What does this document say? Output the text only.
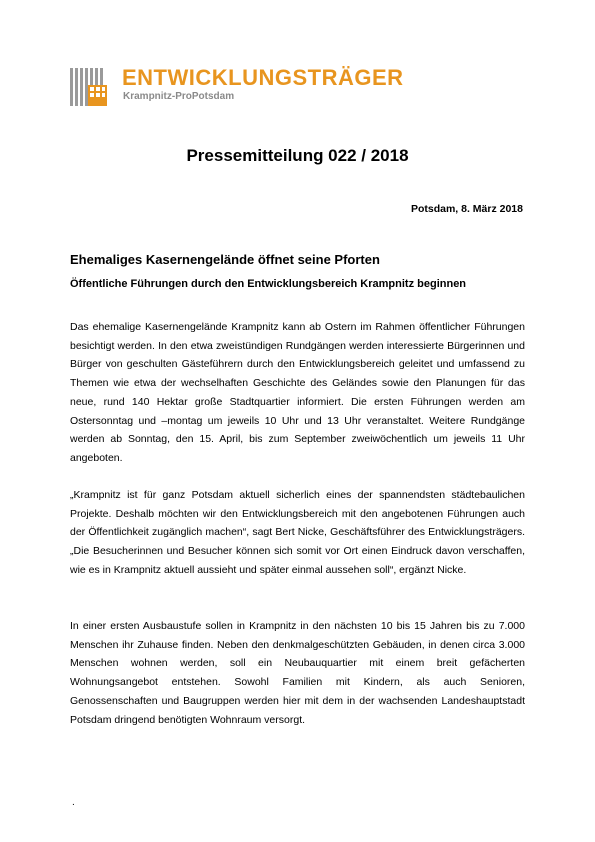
ENTWICKLUNGSTRÄGER
Krampnitz-ProPotsdam
Pressemitteilung 022 / 2018
Potsdam, 8. März 2018
Ehemaliges Kasernengelände öffnet seine Pforten
Öffentliche Führungen durch den Entwicklungsbereich Krampnitz beginnen

Das ehemalige Kasernengelände Krampnitz kann ab Ostern im Rahmen öffentlicher Führungen besichtigt werden. In den etwa zweistündigen Rundgängen werden interessierte Bürgerinnen und Bürger von geschulten Gästeführern durch den Entwicklungsbereich geleitet und umfassend zu Themen wie etwa der wechselhaften Geschichte des Geländes sowie den Planungen für das neue, rund 140 Hektar große Stadtquartier informiert. Die ersten Führungen werden am Ostersonntag und –montag um jeweils 10 Uhr und 13 Uhr veranstaltet. Weitere Rundgänge werden ab Sonntag, den 15. April, bis zum September zweiwöchentlich um jeweils 11 Uhr angeboten.

„Krampnitz ist für ganz Potsdam aktuell sicherlich eines der spannendsten städtebaulichen Projekte. Deshalb möchten wir den Entwicklungsbereich mit den angebotenen Führungen auch der Öffentlichkeit zugänglich machen“, sagt Bert Nicke, Geschäftsführer des Entwicklungsträgers. „Die Besucherinnen und Besucher können sich somit vor Ort einen Eindruck davon verschaffen, wie es in Krampnitz aktuell aussieht und später einmal aussehen soll“, ergänzt Nicke.

In einer ersten Ausbaustufe sollen in Krampnitz in den nächsten 10 bis 15 Jahren bis zu 7.000 Menschen ihr Zuhause finden. Neben den denkmalgeschützten Gebäuden, in denen circa 3.000 Menschen wohnen werden, soll ein Neubauquartier mit einem breit gefächerten Wohnungsangebot entstehen. Sowohl Familien mit Kindern, als auch Senioren, Genossenschaften und Baugruppen werden hier mit dem in der wachsenden Landeshauptstadt Potsdam dringend benötigten Wohnraum versorgt.

.
